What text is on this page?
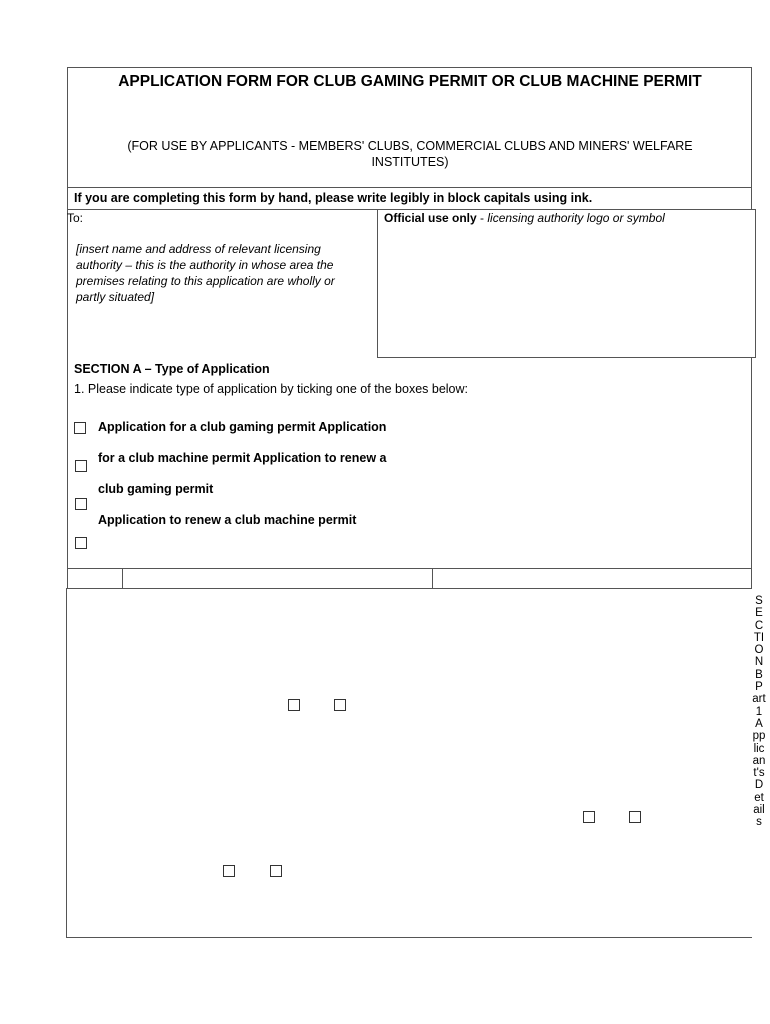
APPLICATION FORM FOR CLUB GAMING PERMIT OR CLUB MACHINE PERMIT
(FOR USE BY APPLICANTS - MEMBERS' CLUBS, COMMERCIAL CLUBS AND MINERS' WELFARE INSTITUTES)
If you are completing this form by hand, please write legibly in block capitals using ink.
To:
[insert name and address of relevant licensing authority – this is the authority in whose area the premises relating to this application are wholly or partly situated]
Official use only - licensing authority logo or symbol
SECTION A – Type of Application
1. Please indicate type of application by ticking one of the boxes below:
Application for a club gaming permit Application
for a club machine permit Application to renew a
club gaming permit
Application to renew a club machine permit
SECTION B Part 1 Applicant's Details
